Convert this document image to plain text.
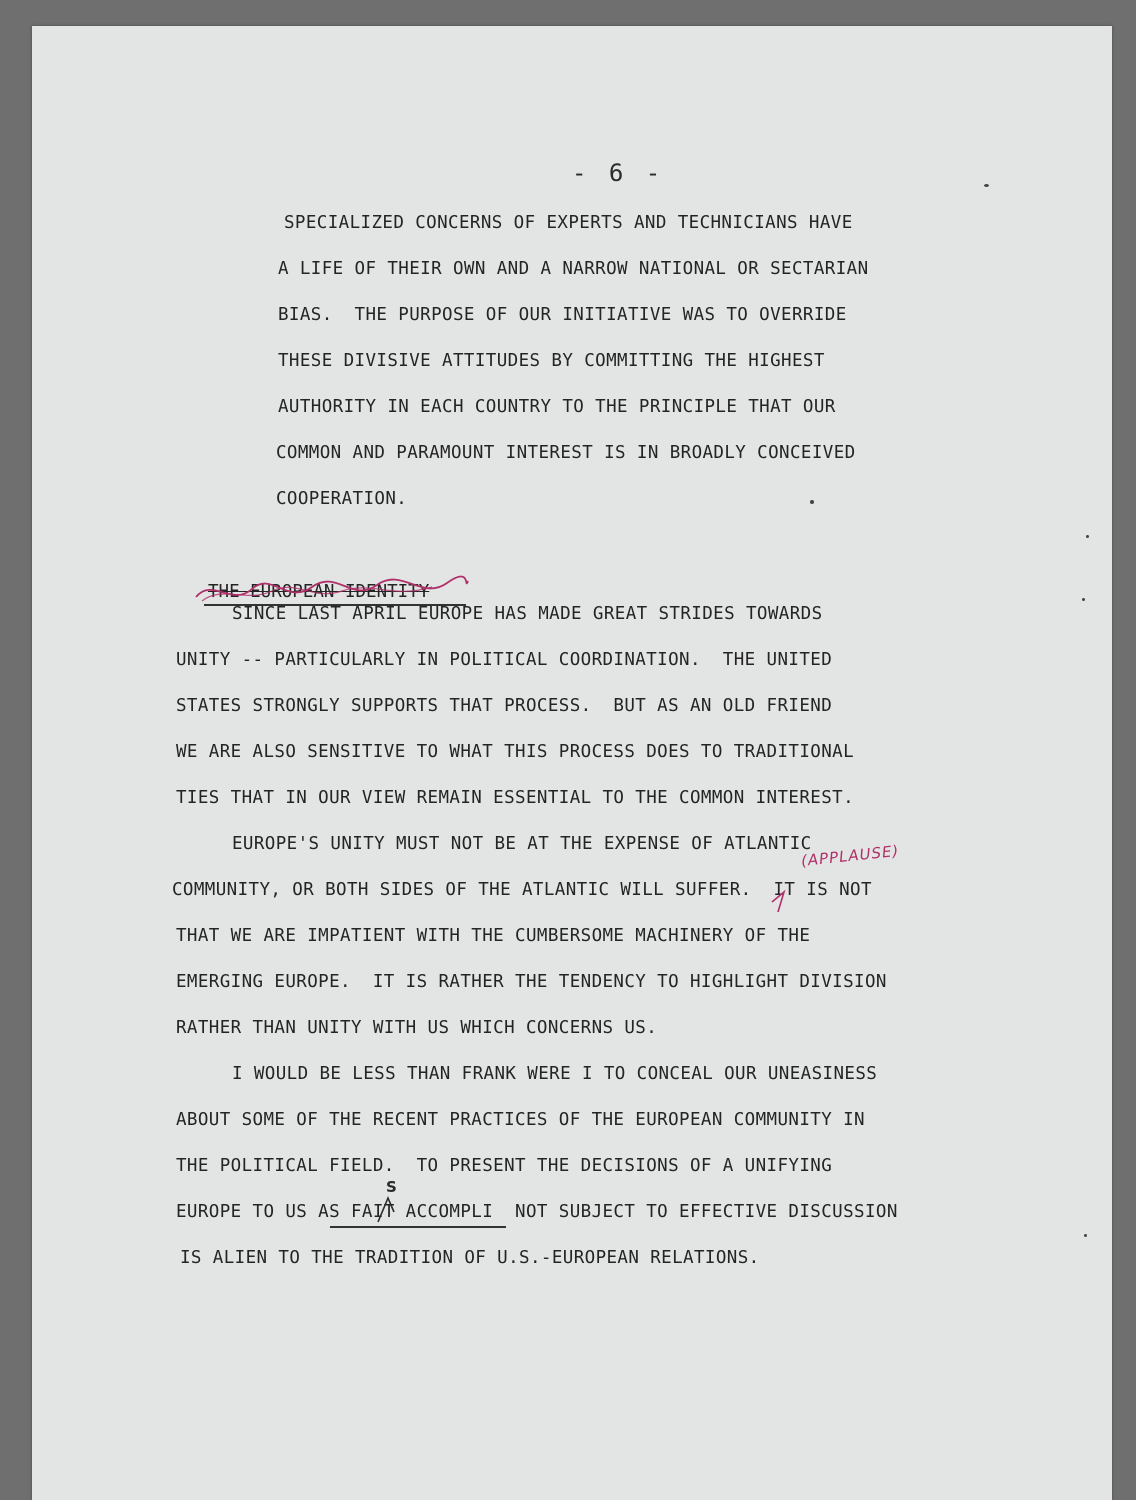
- 6 -
SPECIALIZED CONCERNS OF EXPERTS AND TECHNICIANS HAVE
A LIFE OF THEIR OWN AND A NARROW NATIONAL OR SECTARIAN
BIAS.  THE PURPOSE OF OUR INITIATIVE WAS TO OVERRIDE
THESE DIVISIVE ATTITUDES BY COMMITTING THE HIGHEST
AUTHORITY IN EACH COUNTRY TO THE PRINCIPLE THAT OUR
COMMON AND PARAMOUNT INTEREST IS IN BROADLY CONCEIVED
COOPERATION.
THE EUROPEAN IDENTITY
SINCE LAST APRIL EUROPE HAS MADE GREAT STRIDES TOWARDS
UNITY -- PARTICULARLY IN POLITICAL COORDINATION.  THE UNITED
STATES STRONGLY SUPPORTS THAT PROCESS.  BUT AS AN OLD FRIEND
WE ARE ALSO SENSITIVE TO WHAT THIS PROCESS DOES TO TRADITIONAL
TIES THAT IN OUR VIEW REMAIN ESSENTIAL TO THE COMMON INTEREST.
EUROPE'S UNITY MUST NOT BE AT THE EXPENSE OF ATLANTIC
COMMUNITY, OR BOTH SIDES OF THE ATLANTIC WILL SUFFER.  IT IS NOT
THAT WE ARE IMPATIENT WITH THE CUMBERSOME MACHINERY OF THE
EMERGING EUROPE.  IT IS RATHER THE TENDENCY TO HIGHLIGHT DIVISION
RATHER THAN UNITY WITH US WHICH CONCERNS US.
(APPLAUSE)
I WOULD BE LESS THAN FRANK WERE I TO CONCEAL OUR UNEASINESS
ABOUT SOME OF THE RECENT PRACTICES OF THE EUROPEAN COMMUNITY IN
THE POLITICAL FIELD.  TO PRESENT THE DECISIONS OF A UNIFYING
EUROPE TO US AS FAIT ACCOMPLI  NOT SUBJECT TO EFFECTIVE DISCUSSION
IS ALIEN TO THE TRADITION OF U.S.-EUROPEAN RELATIONS.
S
